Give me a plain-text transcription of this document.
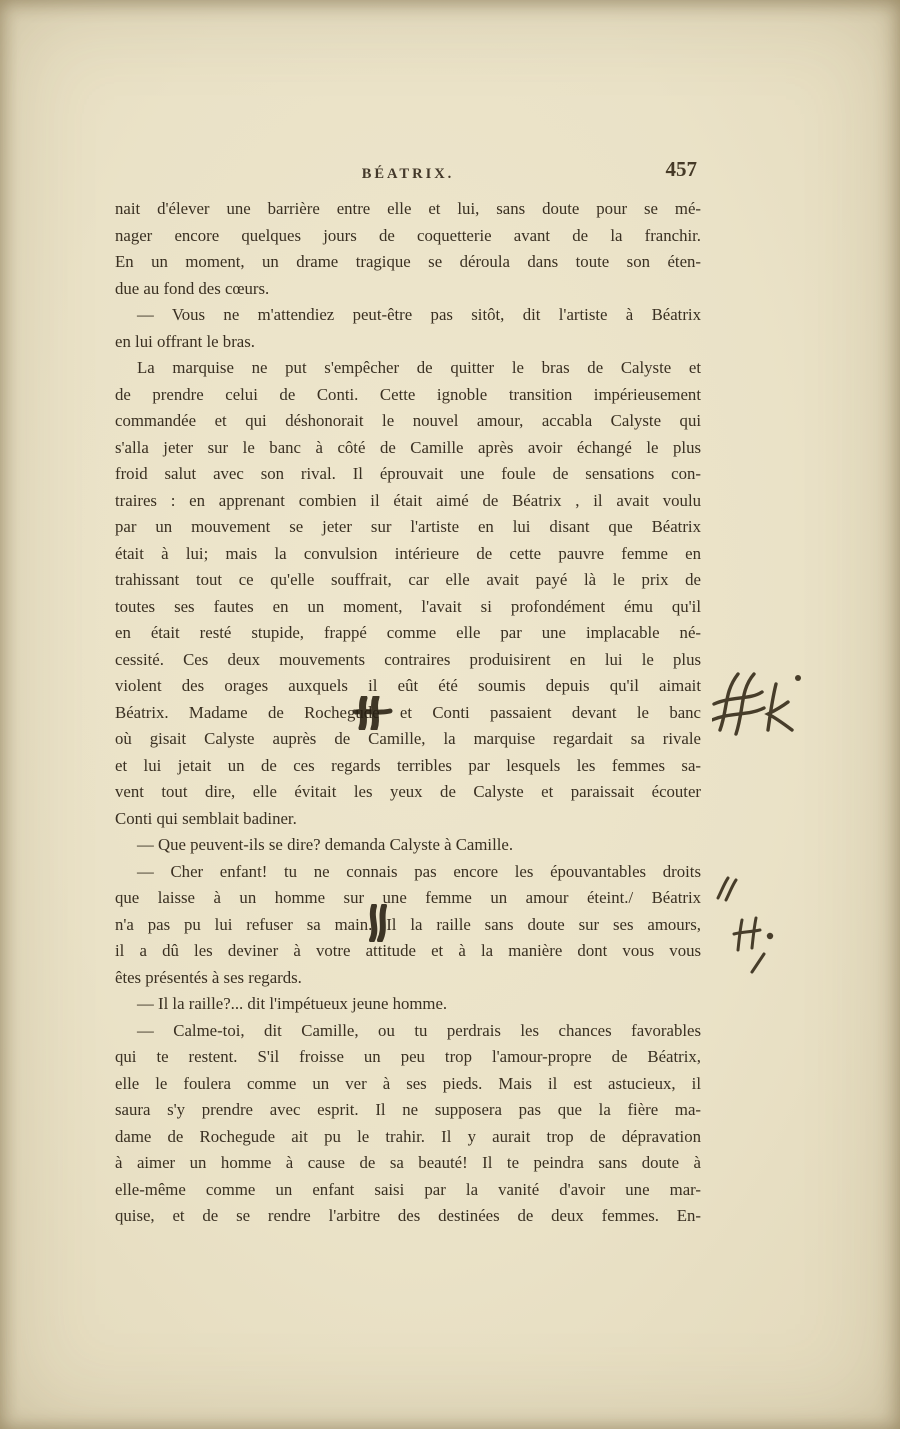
BÉATRIX.	457
nait d'élever une barrière entre elle et lui, sans doute pour se mé-
nager encore quelques jours de coquetterie avant de la franchir.
En un moment, un drame tragique se déroula dans toute son éten-
due au fond des cœurs.
— Vous ne m'attendiez peut-être pas sitôt, dit l'artiste à Béatrix
en lui offrant le bras.
La marquise ne put s'empêcher de quitter le bras de Calyste et
de prendre celui de Conti. Cette ignoble transition impérieusement
commandée et qui déshonorait le nouvel amour, accabla Calyste qui
s'alla jeter sur le banc à côté de Camille après avoir échangé le plus
froid salut avec son rival. Il éprouvait une foule de sensations con-
traires : en apprenant combien il était aimé de Béatrix , il avait voulu
par un mouvement se jeter sur l'artiste en lui disant que Béatrix
était à lui; mais la convulsion intérieure de cette pauvre femme en
trahissant tout ce qu'elle souffrait, car elle avait payé là le prix de
toutes ses fautes en un moment, l'avait si profondément ému qu'il
en était resté stupide, frappé comme elle par une implacable né-
cessité. Ces deux mouvements contraires produisirent en lui le plus
violent des orages auxquels il eût été soumis depuis qu'il aimait
Béatrix. Madame de Rochegude et Conti passaient devant le banc
où gisait Calyste auprès de Camille, la marquise regardait sa rivale
et lui jetait un de ces regards terribles par lesquels les femmes sa-
vent tout dire, elle évitait les yeux de Calyste et paraissait écouter
Conti qui semblait badiner.
— Que peuvent-ils se dire? demanda Calyste à Camille.
— Cher enfant! tu ne connais pas encore les épouvantables droits
que laisse à un homme sur une femme un amour éteint./ Béatrix
n'a pas pu lui refuser sa main. Il la raille sans doute sur ses amours,
il a dû les deviner à votre attitude et à la manière dont vous vous
êtes présentés à ses regards.
— Il la raille?... dit l'impétueux jeune homme.
— Calme-toi, dit Camille, ou tu perdrais les chances favorables
qui te restent. S'il froisse un peu trop l'amour-propre de Béatrix,
elle le foulera comme un ver à ses pieds. Mais il est astucieux, il
saura s'y prendre avec esprit. Il ne supposera pas que la fière ma-
dame de Rochegude ait pu le trahir. Il y aurait trop de dépravation
à aimer un homme à cause de sa beauté! Il te peindra sans doute à
elle-même comme un enfant saisi par la vanité d'avoir une mar-
quise, et de se rendre l'arbitre des destinées de deux femmes. En-
